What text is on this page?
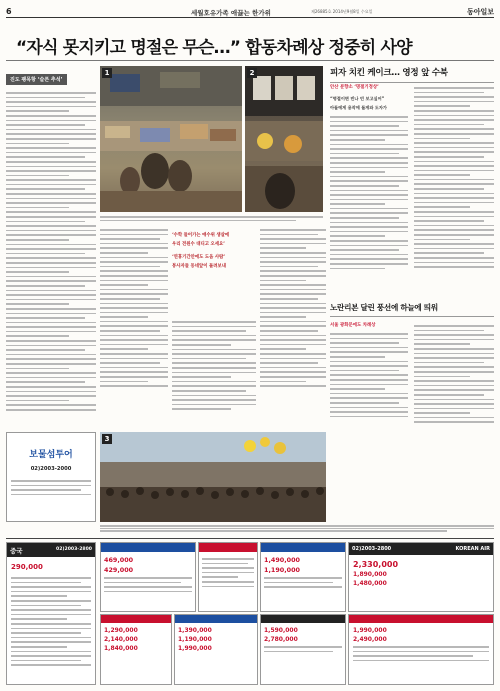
6	세월호유가족 애끓는 한가위	제26885호 2014년9월8일 수요일	동아일보
“자식 못지키고 명절은 무슨…” 합동차례상 정중히 사양
진도 팽목항 ‘슬픈 추석’
1	2
‘수학 들어가는 애수위 생살에
우리 전원수 대디고 오세요’
‘연휴기간안에도 도움 사람’
봉사자들 동네앞이 돌려보내
피자 치킨 케이크… 영정 앞 수북
안산 분향소 ‘명절기정상’
“명절이면 빈나 빈 보고싶어”
아들에게 용작에 둘게와 도자가
노란리본 달린 풍선에 하늘에 띄워
서울 광화문에도 차례상
보물섬투어
02)2003-2000
3
중국	02)2003-2800
290,000
469,000
429,000
1,490,000
1,190,000
KOREAN AIR
02)2003-2800
2,330,000
1,890,000
1,480,000
1,290,000
2,140,000
1,840,000
1,390,000
1,190,000
1,990,000
1,590,000
2,780,000
1,990,000
2,490,000
